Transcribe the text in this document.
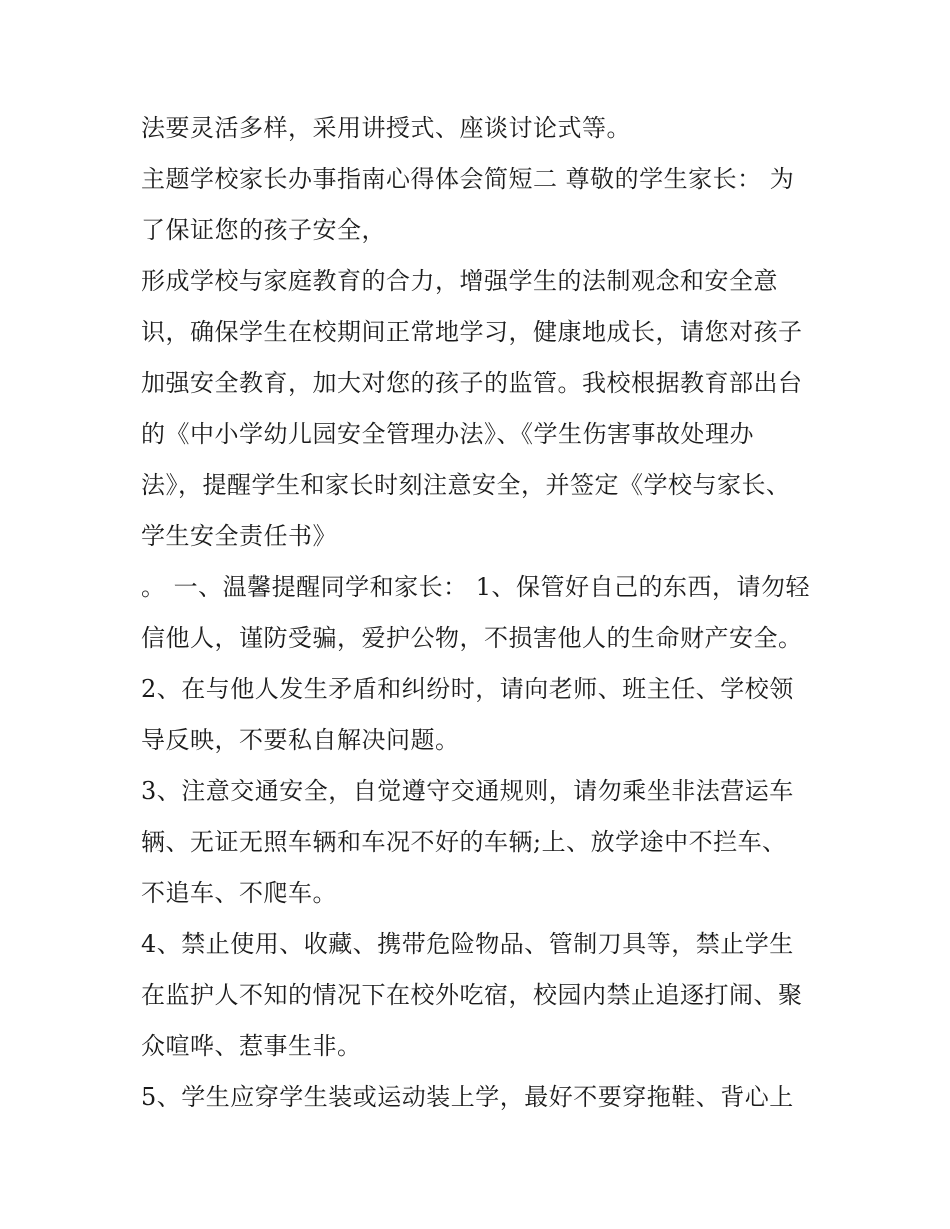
法要灵活多样，采用讲授式、座谈讨论式等。
主题学校家长办事指南心得体会简短二 尊敬的学生家长： 为
了保证您的孩子安全，
形成学校与家庭教育的合力，增强学生的法制观念和安全意
识，确保学生在校期间正常地学习，健康地成长，请您对孩子
加强安全教育，加大对您的孩子的监管。我校根据教育部出台
的《中小学幼儿园安全管理办法》、《学生伤害事故处理办
法》，提醒学生和家长时刻注意安全，并签定《学校与家长、
学生安全责任书》
。 一、温馨提醒同学和家长： 1、保管好自己的东西，请勿轻
信他人，谨防受骗，爱护公物，不损害他人的生命财产安全。
2、在与他人发生矛盾和纠纷时，请向老师、班主任、学校领
导反映，不要私自解决问题。
3、注意交通安全，自觉遵守交通规则，请勿乘坐非法营运车
辆、无证无照车辆和车况不好的车辆;上、放学途中不拦车、
不追车、不爬车。
4、禁止使用、收藏、携带危险物品、管制刀具等，禁止学生
在监护人不知的情况下在校外吃宿，校园内禁止追逐打闹、聚
众喧哗、惹事生非。
5、学生应穿学生装或运动装上学，最好不要穿拖鞋、背心上
